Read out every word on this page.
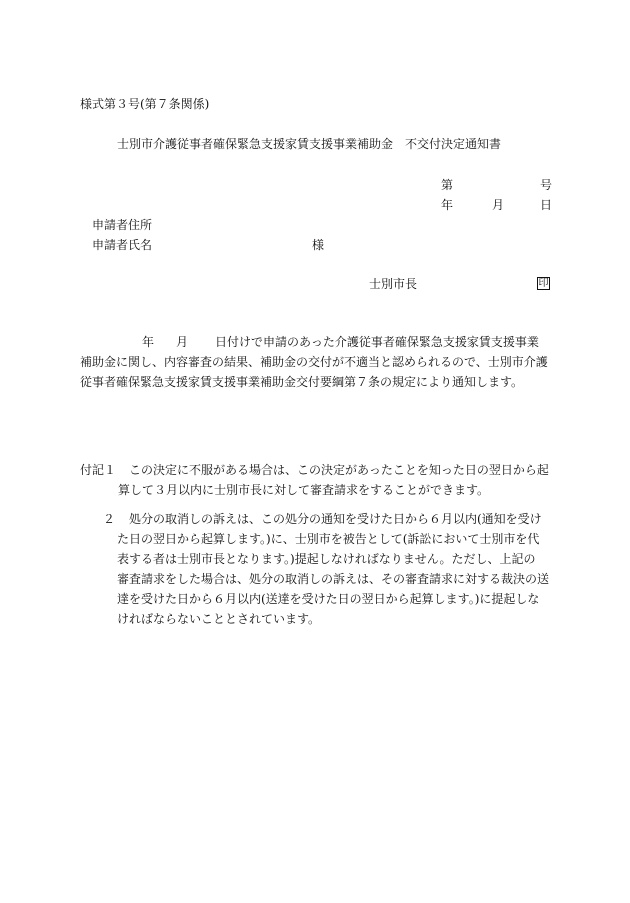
様式第３号(第７条関係)
士別市介護従事者確保緊急支援家賃支援事業補助金　不交付決定通知書
第	号
年	月	日
申請者住所
申請者氏名	様
士別市長	印
年 月 日付けで申請のあった介護従事者確保緊急支援家賃支援事業
補助金に関し、内容審査の結果、補助金の交付が不適当と認められるので、士別市介護
従事者確保緊急支援家賃支援事業補助金交付要綱第７条の規定により通知します。
付記１ この決定に不服がある場合は、この決定があったことを知った日の翌日から起
算して３月以内に士別市長に対して審査請求をすることができます。
２ 処分の取消しの訴えは、この処分の通知を受けた日から６月以内(通知を受け
た日の翌日から起算します。)に、士別市を被告として(訴訟において士別市を代
表する者は士別市長となります。)提起しなければなりません。ただし、上記の
審査請求をした場合は、処分の取消しの訴えは、その審査請求に対する裁決の送
達を受けた日から６月以内(送達を受けた日の翌日から起算します。)に提起しな
ければならないこととされています。
